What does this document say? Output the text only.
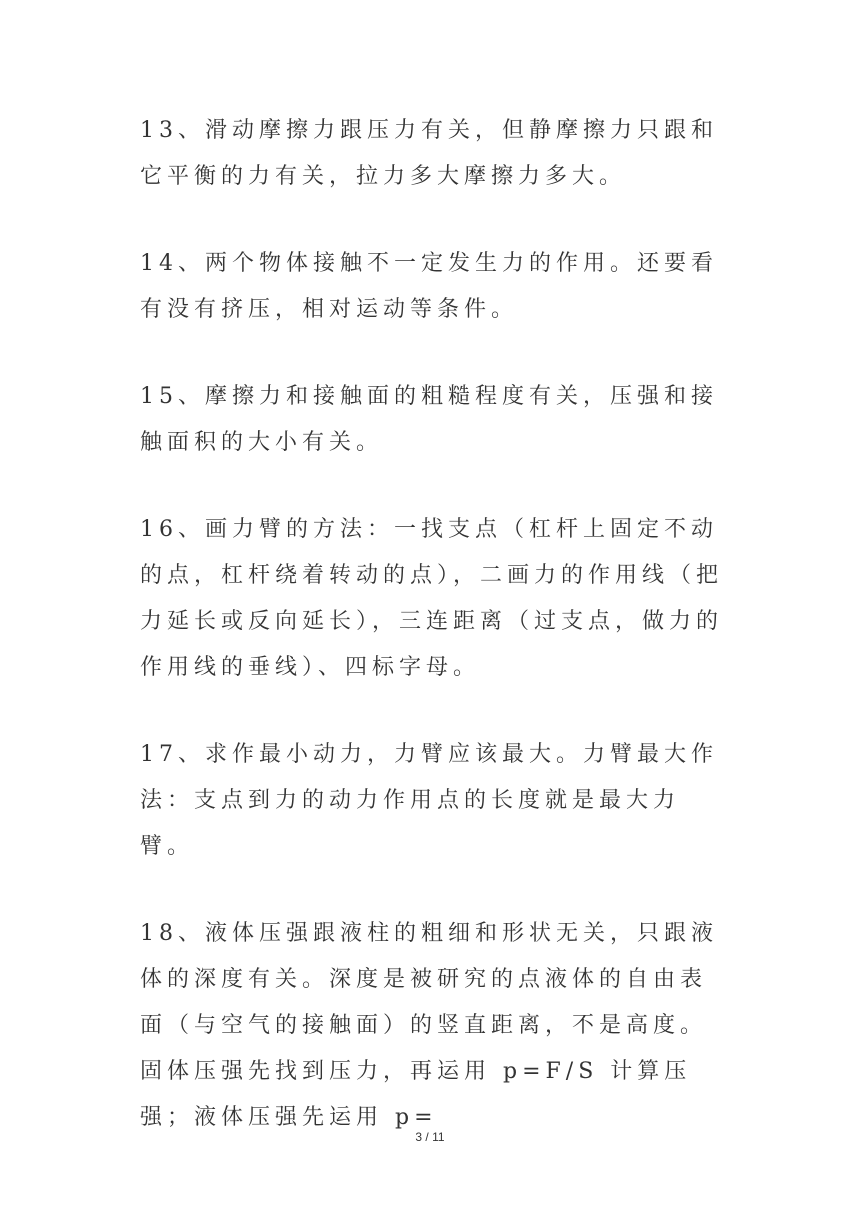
13、滑动摩擦力跟压力有关，但静摩擦力只跟和它平衡的力有关，拉力多大摩擦力多大。

14、两个物体接触不一定发生力的作用。还要看有没有挤压，相对运动等条件。

15、摩擦力和接触面的粗糙程度有关，压强和接触面积的大小有关。

16、画力臂的方法：一找支点（杠杆上固定不动的点，杠杆绕着转动的点），二画力的作用线（把力延长或反向延长），三连距离（过支点，做力的作用线的垂线）、四标字母。

17、求作最小动力，力臂应该最大。力臂最大作法：支点到力的动力作用点的长度就是最大力臂。

18、液体压强跟液柱的粗细和形状无关，只跟液体的深度有关。深度是被研究的点液体的自由表面（与空气的接触面）的竖直距离，不是高度。固体压强先找到压力，再运用 p=F/S 计算压强；液体压强先运用 p=

3 / 11
